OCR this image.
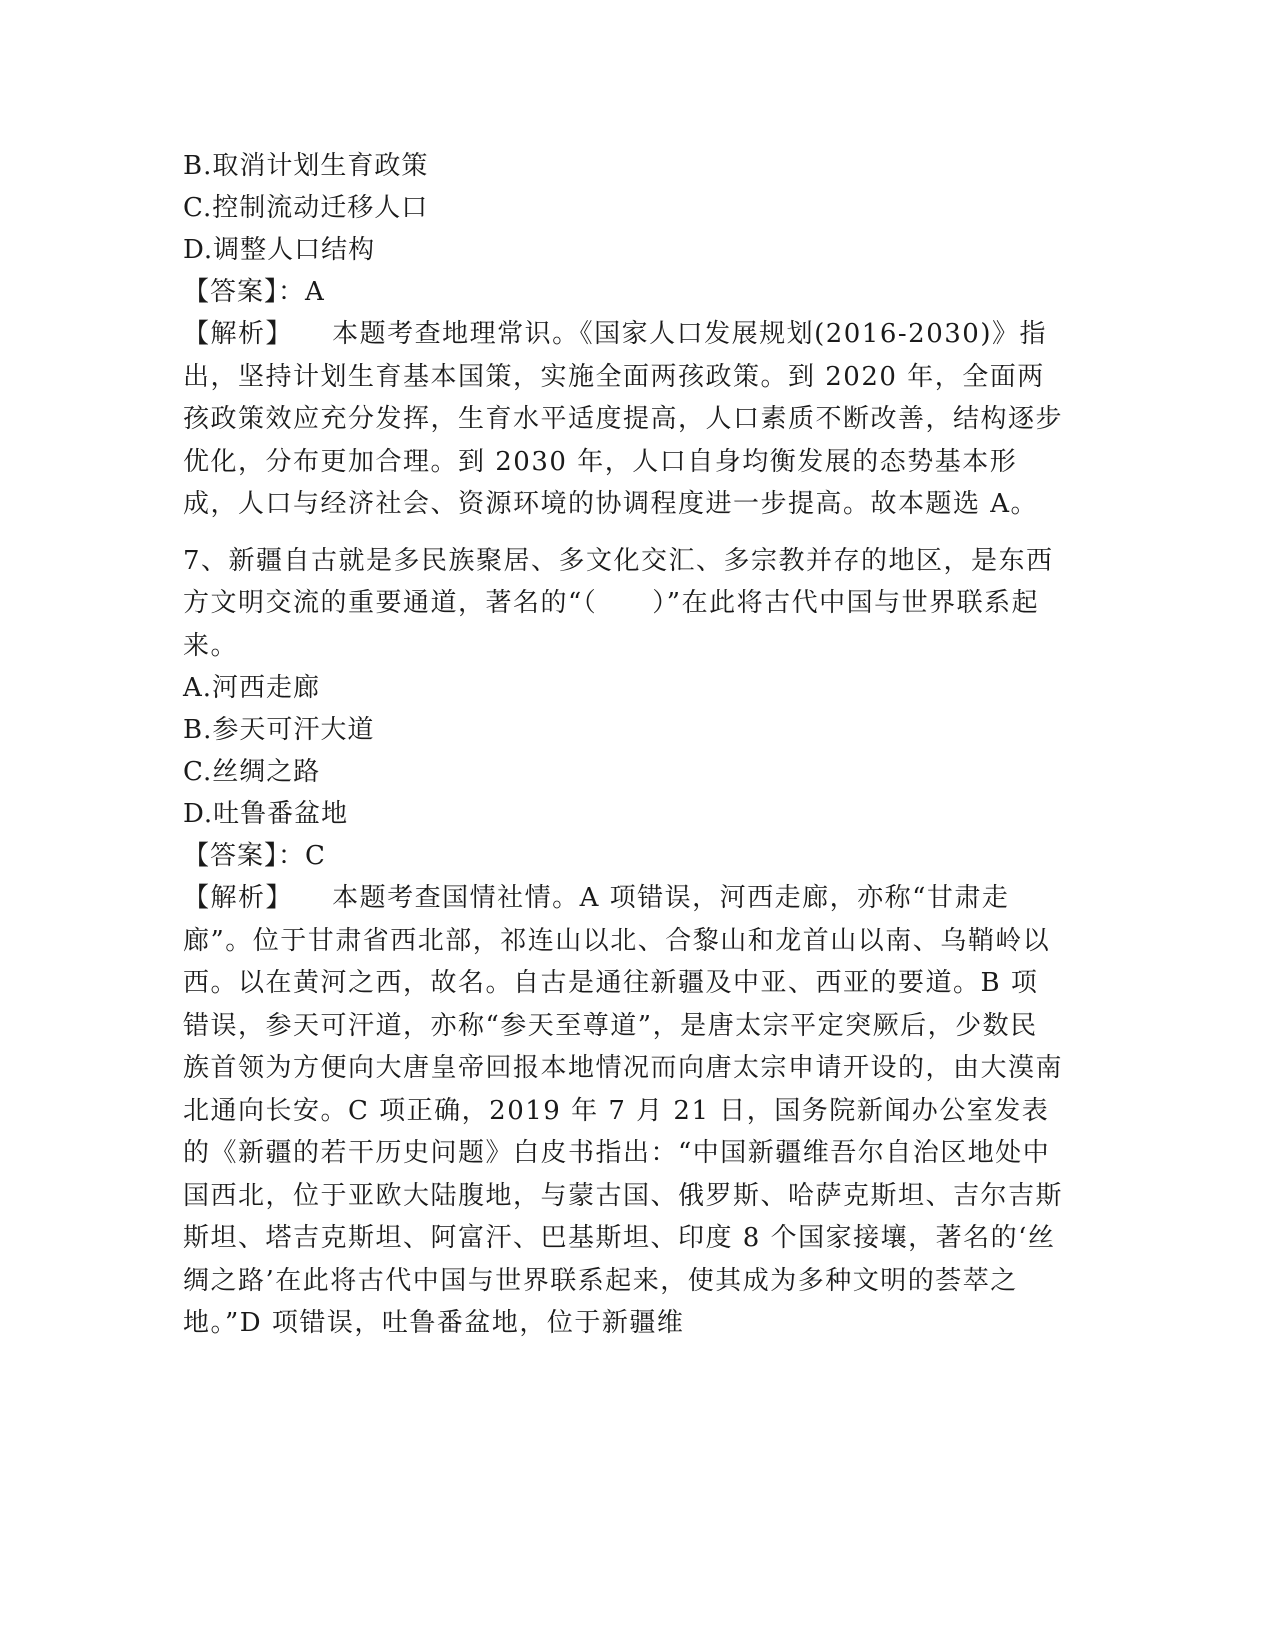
B.取消计划生育政策
C.控制流动迁移人口
D.调整人口结构
【答案】：A
【解析】 本题考查地理常识。《国家人口发展规划(2016-2030)》指出，坚持计划生育基本国策，实施全面两孩政策。到 2020 年，全面两孩政策效应充分发挥，生育水平适度提高，人口素质不断改善，结构逐步优化，分布更加合理。到 2030 年，人口自身均衡发展的态势基本形成，人口与经济社会、资源环境的协调程度进一步提高。故本题选 A。
7、新疆自古就是多民族聚居、多文化交汇、多宗教并存的地区，是东西方文明交流的重要通道，著名的“（　　）”在此将古代中国与世界联系起来。
A.河西走廊
B.参天可汗大道
C.丝绸之路
D.吐鲁番盆地
【答案】：C
【解析】 本题考查国情社情。A 项错误，河西走廊，亦称“甘肃走廊”。位于甘肃省西北部，祁连山以北、合黎山和龙首山以南、乌鞘岭以西。以在黄河之西，故名。自古是通往新疆及中亚、西亚的要道。B 项错误，参天可汗道，亦称“参天至尊道”，是唐太宗平定突厥后，少数民族首领为方便向大唐皇帝回报本地情况而向唐太宗申请开设的，由大漠南北通向长安。C 项正确，2019 年 7 月 21 日，国务院新闻办公室发表的《新疆的若干历史问题》白皮书指出：“中国新疆维吾尔自治区地处中国西北，位于亚欧大陆腹地，与蒙古国、俄罗斯、哈萨克斯坦、吉尔吉斯斯坦、塔吉克斯坦、阿富汗、巴基斯坦、印度 8 个国家接壤，著名的‘丝绸之路’在此将古代中国与世界联系起来，使其成为多种文明的荟萃之地。”D 项错误，吐鲁番盆地，位于新疆维
